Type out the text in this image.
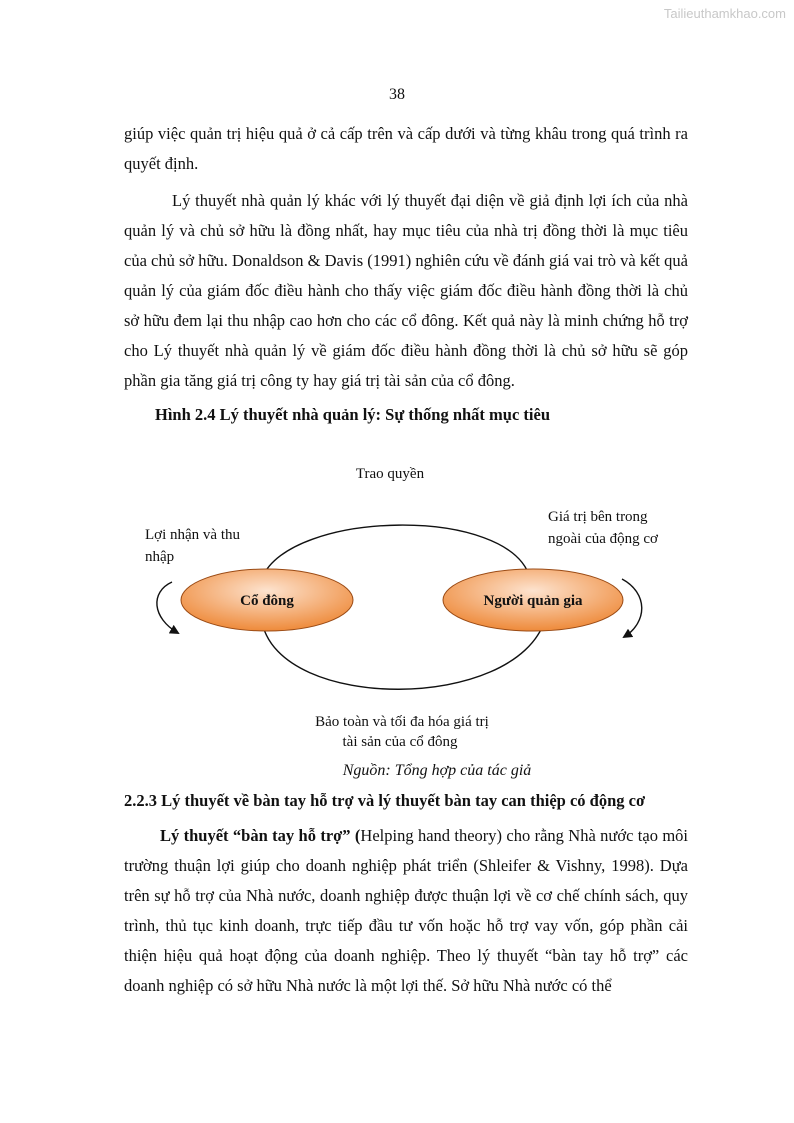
Tailieuthamkhao.com
38

giúp việc quản trị hiệu quả ở cả cấp trên và cấp dưới và từng khâu trong quá trình ra quyết định.

Lý thuyết nhà quản lý khác với lý thuyết đại diện về giả định lợi ích của nhà quản lý và chủ sở hữu là đồng nhất, hay mục tiêu của nhà trị đồng thời là mục tiêu của chủ sở hữu. Donaldson & Davis (1991) nghiên cứu về đánh giá vai trò và kết quả quản lý của giám đốc điều hành cho thấy việc giám đốc điều hành đồng thời là chủ sở hữu đem lại thu nhập cao hơn cho các cổ đông. Kết quả này là minh chứng hỗ trợ cho Lý thuyết nhà quản lý về giám đốc điều hành đồng thời là chủ sở hữu sẽ góp phần gia tăng giá trị công ty hay giá trị tài sản của cổ đông.

Hình 2.4 Lý thuyết nhà quản lý: Sự thống nhất mục tiêu
Trao quyền
Lợi nhận và thu
nhập
Giá trị bên trong
ngoài của động cơ
Cổ đông	Người quản gia
Bảo toàn và tối đa hóa giá trị
tài sản của cổ đông
Nguồn: Tổng hợp của tác giả
2.2.3 Lý thuyết về bàn tay hỗ trợ và lý thuyết bàn tay can thiệp có động cơ

Lý thuyết “bàn tay hỗ trợ” (Helping hand theory) cho rằng Nhà nước tạo môi trường thuận lợi giúp cho doanh nghiệp phát triển (Shleifer & Vishny, 1998). Dựa trên sự hỗ trợ của Nhà nước, doanh nghiệp được thuận lợi về cơ chế chính sách, quy trình, thủ tục kinh doanh, trực tiếp đầu tư vốn hoặc hỗ trợ vay vốn, góp phần cải thiện hiệu quả hoạt động của doanh nghiệp. Theo lý thuyết “bàn tay hỗ trợ” các doanh nghiệp có sở hữu Nhà nước là một lợi thế. Sở hữu Nhà nước có thể
